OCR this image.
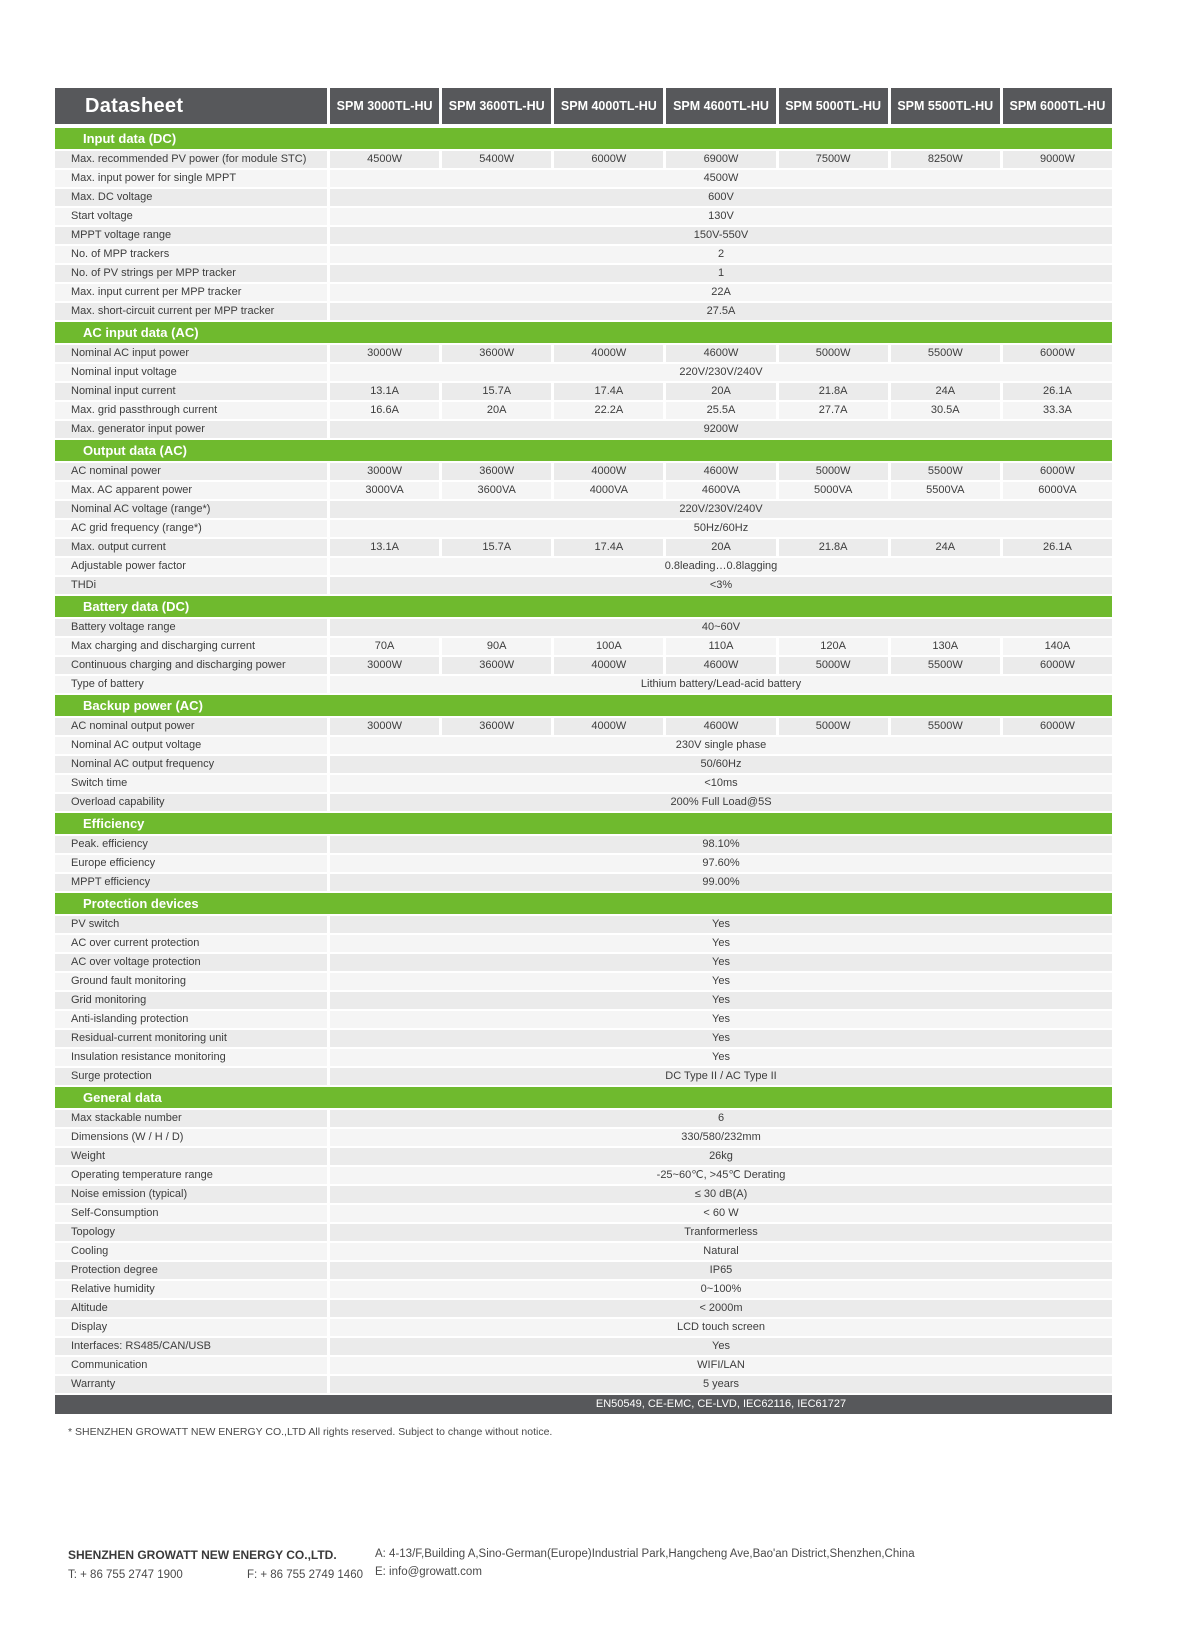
Datasheet	SPM 3000TL-HU	SPM 3600TL-HU	SPM 4000TL-HU	SPM 4600TL-HU	SPM 5000TL-HU	SPM 5500TL-HU	SPM 6000TL-HU
Input data (DC)
Max. recommended PV power (for module STC)	4500W	5400W	6000W	6900W	7500W	8250W	9000W
Max. input power for single MPPT	4500W
Max. DC voltage	600V
Start voltage	130V
MPPT voltage range	150V-550V
No. of MPP trackers	2
No. of PV strings per MPP tracker	1
Max. input current per MPP tracker	22A
Max. short-circuit current per MPP tracker	27.5A
AC input data (AC)
Nominal AC input power	3000W	3600W	4000W	4600W	5000W	5500W	6000W
Nominal input voltage	220V/230V/240V
Nominal input current	13.1A	15.7A	17.4A	20A	21.8A	24A	26.1A
Max. grid passthrough current	16.6A	20A	22.2A	25.5A	27.7A	30.5A	33.3A
Max. generator input power	9200W
Output data (AC)
AC nominal power	3000W	3600W	4000W	4600W	5000W	5500W	6000W
Max. AC apparent power	3000VA	3600VA	4000VA	4600VA	5000VA	5500VA	6000VA
Nominal AC voltage (range*)	220V/230V/240V
AC grid frequency (range*)	50Hz/60Hz
Max. output current	13.1A	15.7A	17.4A	20A	21.8A	24A	26.1A
Adjustable power factor	0.8leading…0.8lagging
THDi	<3%
Battery data (DC)
Battery voltage range	40~60V
Max charging and discharging current	70A	90A	100A	110A	120A	130A	140A
Continuous charging and discharging power	3000W	3600W	4000W	4600W	5000W	5500W	6000W
Type of battery	Lithium battery/Lead-acid battery
Backup power (AC)
AC nominal output power	3000W	3600W	4000W	4600W	5000W	5500W	6000W
Nominal AC output voltage	230V single phase
Nominal AC output frequency	50/60Hz
Switch time	<10ms
Overload capability	200% Full Load@5S
Efficiency
Peak. efficiency	98.10%
Europe efficiency	97.60%
MPPT efficiency	99.00%
Protection devices
PV switch	Yes
AC over current protection	Yes
AC over voltage protection	Yes
Ground fault monitoring	Yes
Grid monitoring	Yes
Anti-islanding protection	Yes
Residual-current monitoring unit	Yes
Insulation resistance monitoring	Yes
Surge protection	DC Type II / AC Type II
General data
Max stackable number	6
Dimensions (W / H / D)	330/580/232mm
Weight	26kg
Operating temperature range	-25~60℃, >45℃ Derating
Noise emission (typical)	≤ 30 dB(A)
Self-Consumption	< 60 W
Topology	Tranformerless
Cooling	Natural
Protection degree	IP65
Relative humidity	0~100%
Altitude	< 2000m
Display	LCD touch screen
Interfaces: RS485/CAN/USB	Yes
Communication	WIFI/LAN
Warranty	5 years
EN50549, CE-EMC, CE-LVD, IEC62116, IEC61727
* SHENZHEN GROWATT NEW ENERGY CO.,LTD All rights reserved. Subject to change without notice.
SHENZHEN GROWATT NEW ENERGY CO.,LTD.
T: + 86 755 2747 1900	F: + 86 755 2749 1460
A: 4-13/F,Building A,Sino-German(Europe)Industrial Park,Hangcheng Ave,Bao'an District,Shenzhen,China
E: info@growatt.com
